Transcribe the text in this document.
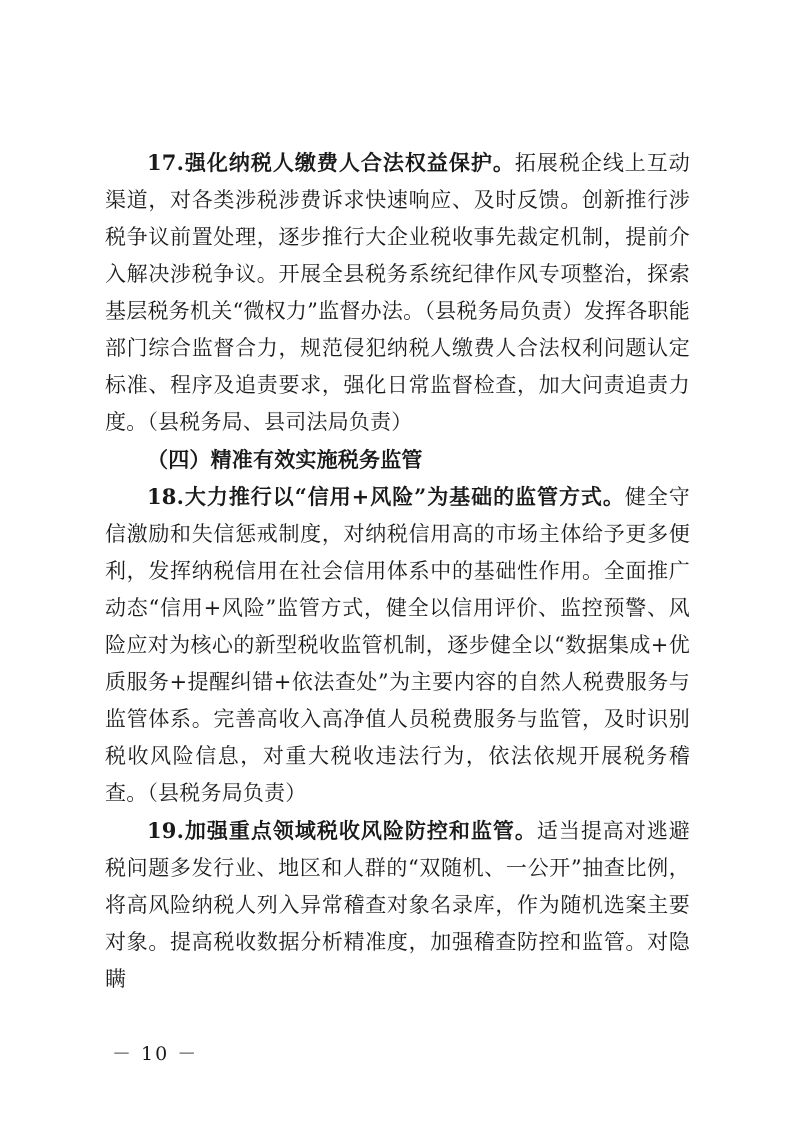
17.强化纳税人缴费人合法权益保护。拓展税企线上互动渠道，对各类涉税涉费诉求快速响应、及时反馈。创新推行涉税争议前置处理，逐步推行大企业税收事先裁定机制，提前介入解决涉税争议。开展全县税务系统纪律作风专项整治，探索基层税务机关“微权力”监督办法。（县税务局负责）发挥各职能部门综合监督合力，规范侵犯纳税人缴费人合法权利问题认定标准、程序及追责要求，强化日常监督检查，加大问责追责力度。（县税务局、县司法局负责）

（四）精准有效实施税务监管

18.大力推行以“信用+风险”为基础的监管方式。健全守信激励和失信惩戒制度，对纳税信用高的市场主体给予更多便利，发挥纳税信用在社会信用体系中的基础性作用。全面推广动态“信用+风险”监管方式，健全以信用评价、监控预警、风险应对为核心的新型税收监管机制，逐步健全以“数据集成+优质服务+提醒纠错+依法查处”为主要内容的自然人税费服务与监管体系。完善高收入高净值人员税费服务与监管，及时识别税收风险信息，对重大税收违法行为，依法依规开展税务稽查。（县税务局负责）

19.加强重点领域税收风险防控和监管。适当提高对逃避税问题多发行业、地区和人群的“双随机、一公开”抽查比例，将高风险纳税人列入异常稽查对象名录库，作为随机选案主要对象。提高税收数据分析精准度，加强稽查防控和监管。对隐瞒

－ 10 －
